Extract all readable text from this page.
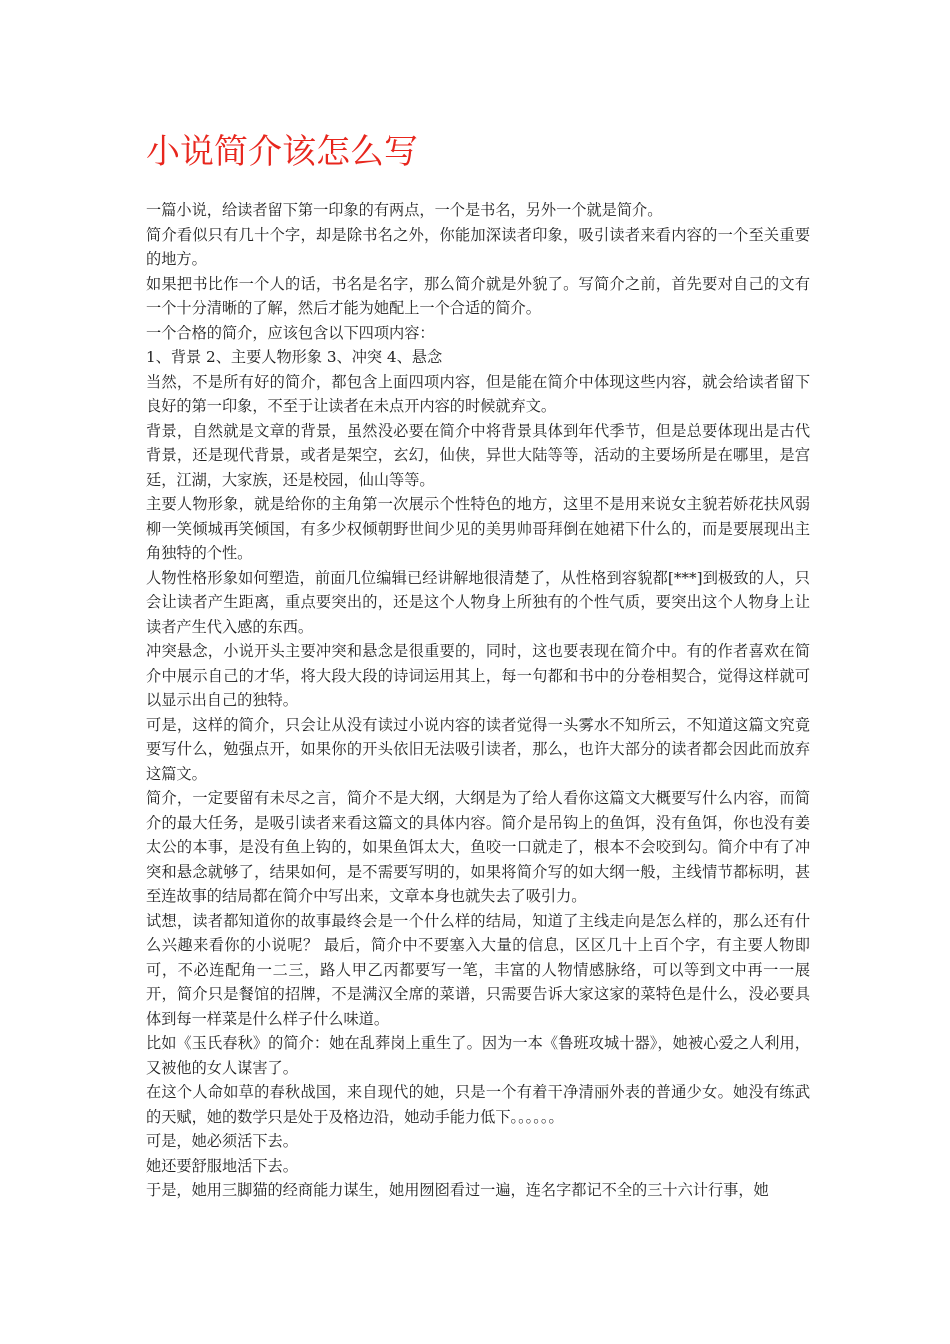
小说简介该怎么写

一篇小说，给读者留下第一印象的有两点，一个是书名，另外一个就是简介。

简介看似只有几十个字，却是除书名之外，你能加深读者印象，吸引读者来看内容的一个至关重要的地方。

如果把书比作一个人的话，书名是名字，那么简介就是外貌了。写简介之前，首先要对自己的文有一个十分清晰的了解，然后才能为她配上一个合适的简介。

一个合格的简介，应该包含以下四项内容：

1、背景 2、主要人物形象 3、冲突 4、悬念

当然，不是所有好的简介，都包含上面四项内容，但是能在简介中体现这些内容，就会给读者留下良好的第一印象，不至于让读者在未点开内容的时候就弃文。

背景，自然就是文章的背景，虽然没必要在简介中将背景具体到年代季节，但是总要体现出是古代背景，还是现代背景，或者是架空，玄幻，仙侠，异世大陆等等，活动的主要场所是在哪里，是宫廷，江湖，大家族，还是校园，仙山等等。

主要人物形象，就是给你的主角第一次展示个性特色的地方，这里不是用来说女主貌若娇花扶风弱柳一笑倾城再笑倾国，有多少权倾朝野世间少见的美男帅哥拜倒在她裙下什么的，而是要展现出主角独特的个性。

人物性格形象如何塑造，前面几位编辑已经讲解地很清楚了，从性格到容貌都[***]到极致的人，只会让读者产生距离，重点要突出的，还是这个人物身上所独有的个性气质，要突出这个人物身上让读者产生代入感的东西。

冲突悬念，小说开头主要冲突和悬念是很重要的，同时，这也要表现在简介中。有的作者喜欢在简介中展示自己的才华，将大段大段的诗词运用其上，每一句都和书中的分卷相契合，觉得这样就可以显示出自己的独特。

可是，这样的简介，只会让从没有读过小说内容的读者觉得一头雾水不知所云，不知道这篇文究竟要写什么，勉强点开，如果你的开头依旧无法吸引读者，那么，也许大部分的读者都会因此而放弃这篇文。

简介，一定要留有未尽之言，简介不是大纲，大纲是为了给人看你这篇文大概要写什么内容，而简介的最大任务，是吸引读者来看这篇文的具体内容。简介是吊钩上的鱼饵，没有鱼饵，你也没有姜太公的本事，是没有鱼上钩的，如果鱼饵太大，鱼咬一口就走了，根本不会咬到勾。简介中有了冲突和悬念就够了，结果如何，是不需要写明的，如果将简介写的如大纲一般，主线情节都标明，甚至连故事的结局都在简介中写出来，文章本身也就失去了吸引力。

试想，读者都知道你的故事最终会是一个什么样的结局，知道了主线走向是怎么样的，那么还有什么兴趣来看你的小说呢？ 最后，简介中不要塞入大量的信息，区区几十上百个字，有主要人物即可，不必连配角一二三，路人甲乙丙都要写一笔，丰富的人物情感脉络，可以等到文中再一一展开，简介只是餐馆的招牌，不是满汉全席的菜谱，只需要告诉大家这家的菜特色是什么，没必要具体到每一样菜是什么样子什么味道。

比如《玉氏春秋》的简介：她在乱葬岗上重生了。因为一本《鲁班攻城十器》，她被心爱之人利用，又被他的女人谋害了。

在这个人命如草的春秋战国，来自现代的她，只是一个有着干净清丽外表的普通少女。她没有练武的天赋，她的数学只是处于及格边沿，她动手能力低下。。。。。。

可是，她必须活下去。

她还要舒服地活下去。

于是，她用三脚猫的经商能力谋生，她用囫囵看过一遍，连名字都记不全的三十六计行事，她
